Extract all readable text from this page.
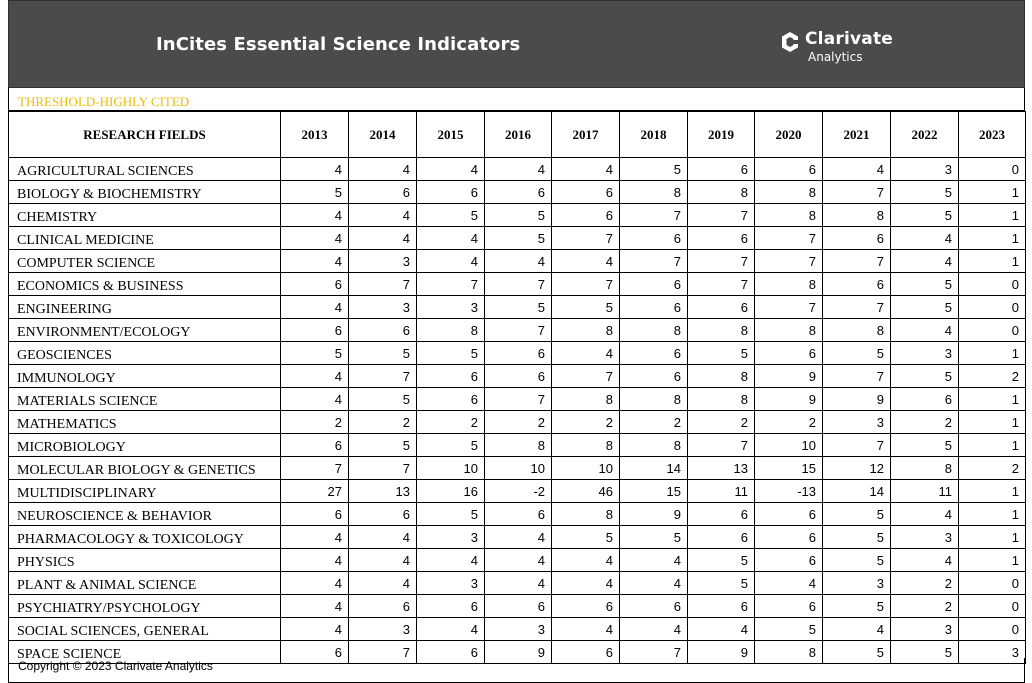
InCites Essential Science Indicators	Clarivate
Analytics
THRESHOLD-HIGHLY CITED
RESEARCH FIELDS	2013	2014	2015	2016	2017	2018	2019	2020	2021	2022	2023
AGRICULTURAL SCIENCES	4	4	4	4	4	5	6	6	4	3	0
BIOLOGY & BIOCHEMISTRY	5	6	6	6	6	8	8	8	7	5	1
CHEMISTRY	4	4	5	5	6	7	7	8	8	5	1
CLINICAL MEDICINE	4	4	4	5	7	6	6	7	6	4	1
COMPUTER SCIENCE	4	3	4	4	4	7	7	7	7	4	1
ECONOMICS & BUSINESS	6	7	7	7	7	6	7	8	6	5	0
ENGINEERING	4	3	3	5	5	6	6	7	7	5	0
ENVIRONMENT/ECOLOGY	6	6	8	7	8	8	8	8	8	4	0
GEOSCIENCES	5	5	5	6	4	6	5	6	5	3	1
IMMUNOLOGY	4	7	6	6	7	6	8	9	7	5	2
MATERIALS SCIENCE	4	5	6	7	8	8	8	9	9	6	1
MATHEMATICS	2	2	2	2	2	2	2	2	3	2	1
MICROBIOLOGY	6	5	5	8	8	8	7	10	7	5	1
MOLECULAR BIOLOGY & GENETICS	7	7	10	10	10	14	13	15	12	8	2
MULTIDISCIPLINARY	27	13	16	-2	46	15	11	-13	14	11	1
NEUROSCIENCE & BEHAVIOR	6	6	5	6	8	9	6	6	5	4	1
PHARMACOLOGY & TOXICOLOGY	4	4	3	4	5	5	6	6	5	3	1
PHYSICS	4	4	4	4	4	4	5	6	5	4	1
PLANT & ANIMAL SCIENCE	4	4	3	4	4	4	5	4	3	2	0
PSYCHIATRY/PSYCHOLOGY	4	6	6	6	6	6	6	6	5	2	0
SOCIAL SCIENCES, GENERAL	4	3	4	3	4	4	4	5	4	3	0
SPACE SCIENCE	6	7	6	9	6	7	9	8	5	5	3
Copyright © 2023 Clarivate Analytics
